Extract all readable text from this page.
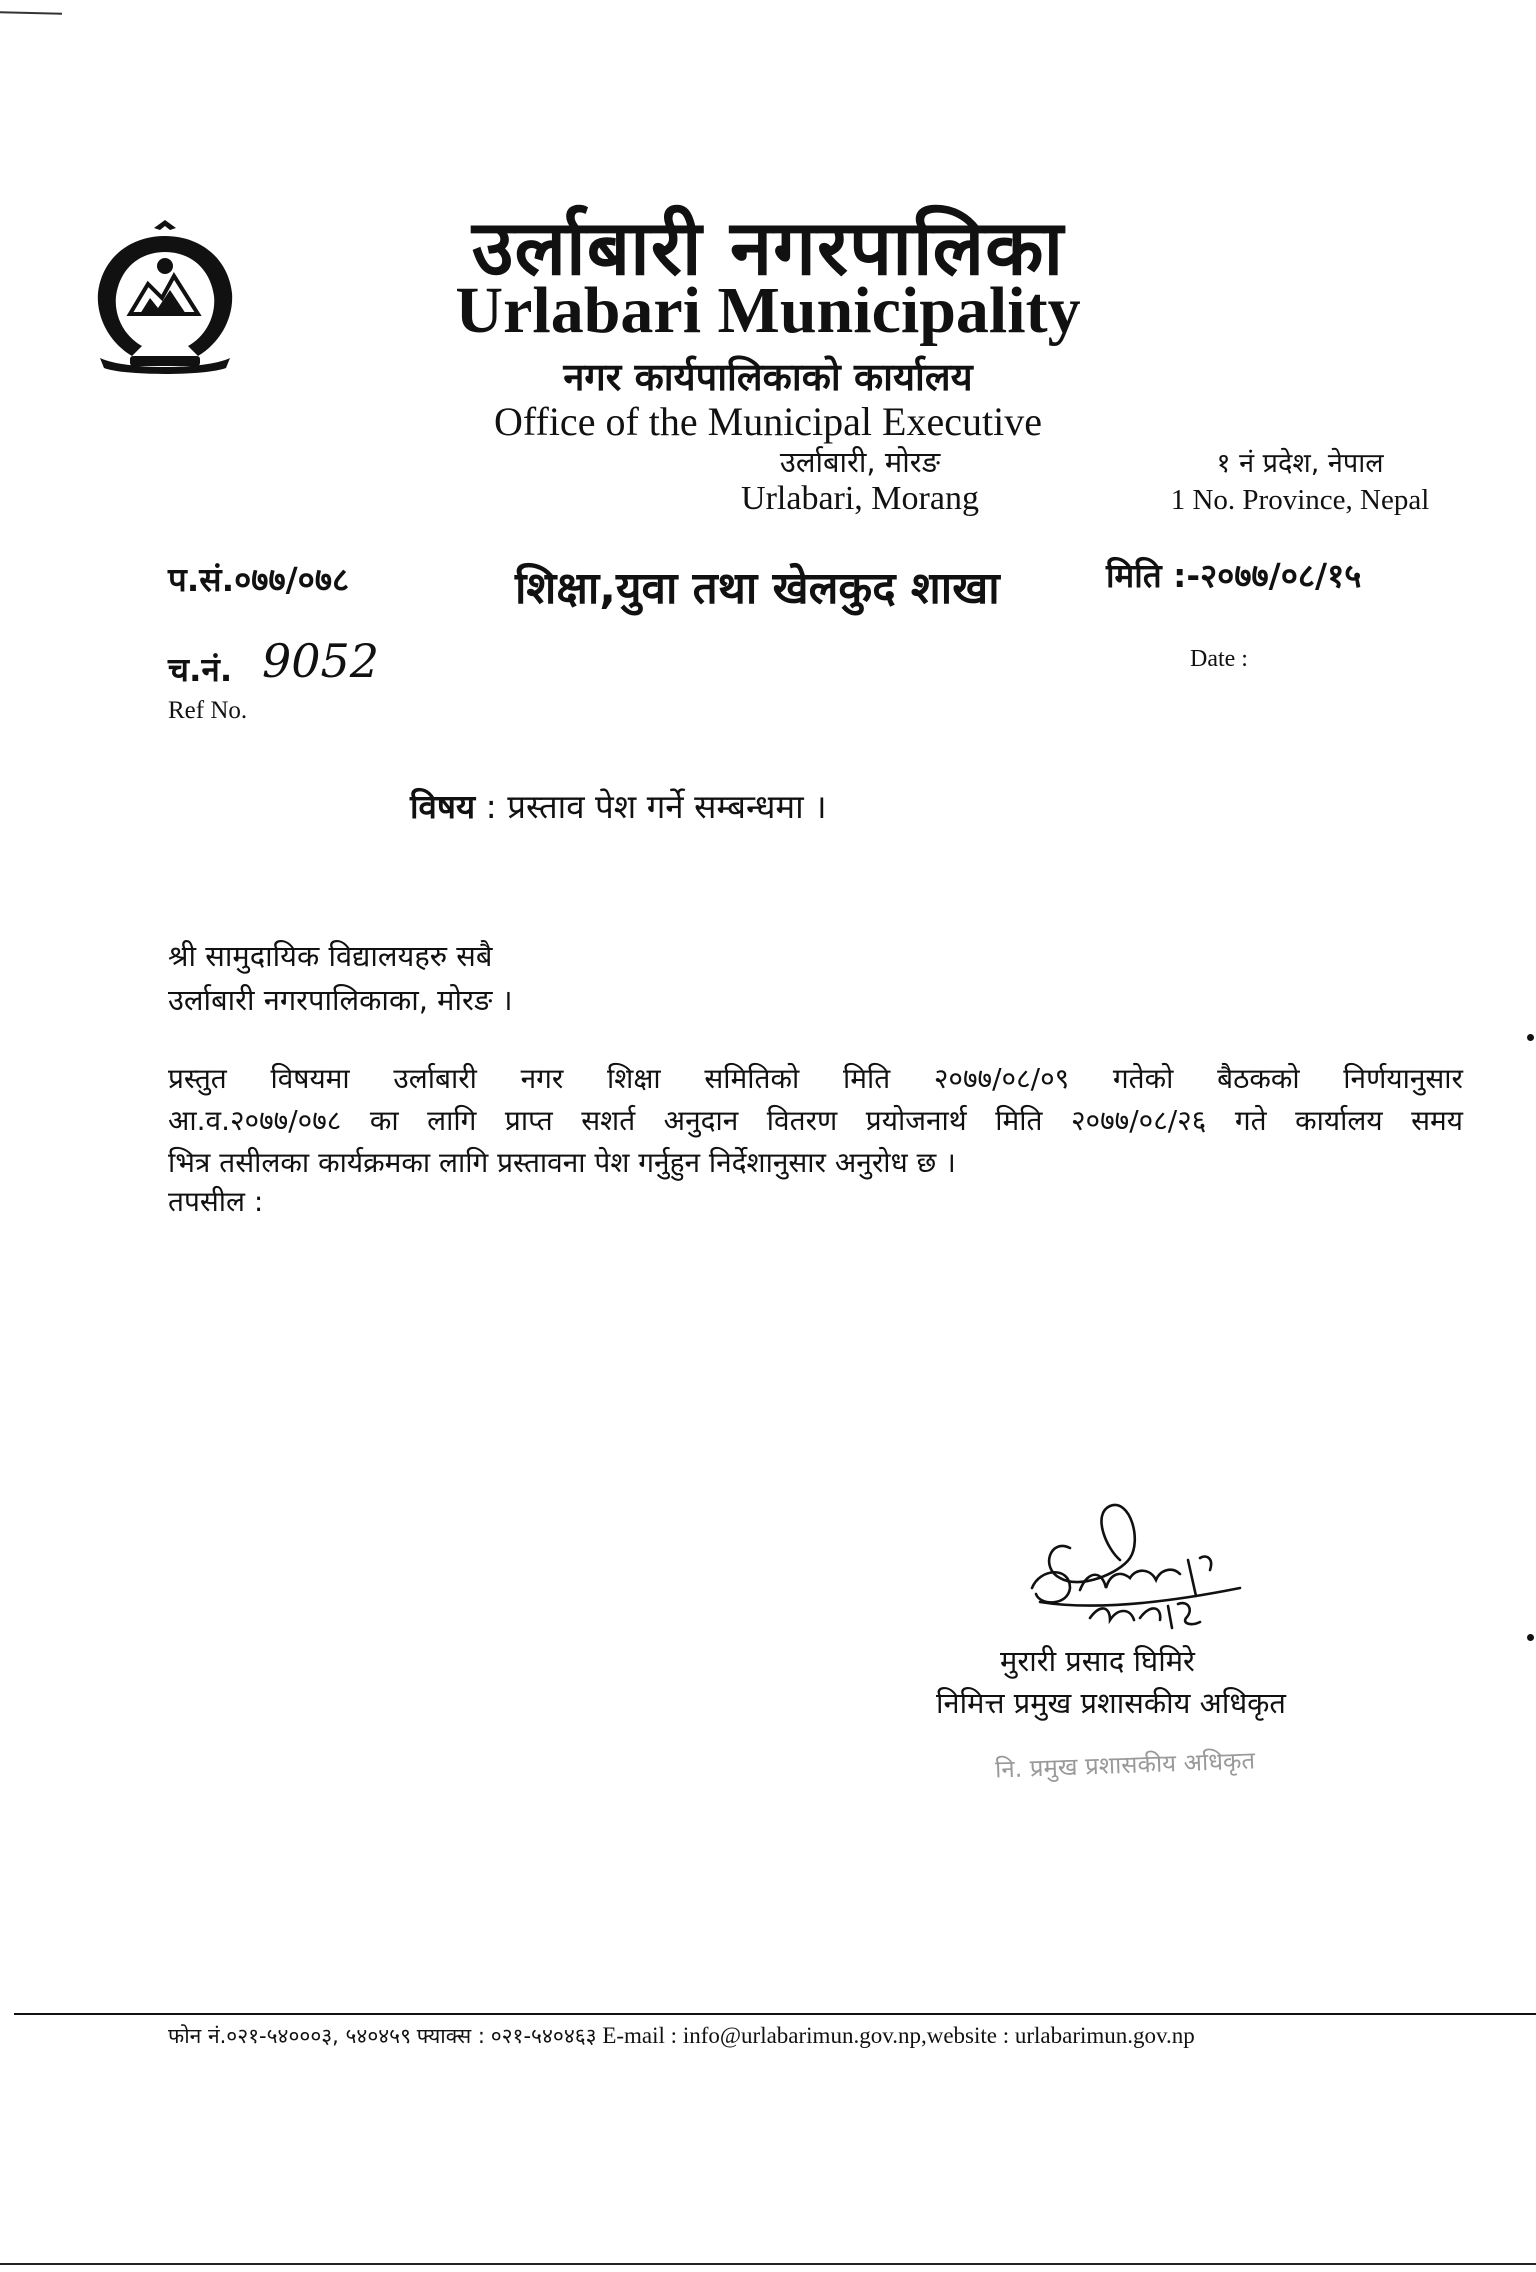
उर्लाबारी नगरपालिका
Urlabari Municipality
नगर कार्यपालिकाको कार्यालय
Office of the Municipal Executive
उर्लाबारी, मोरङ
Urlabari, Morang
१ नं प्रदेश, नेपाल
1 No. Province, Nepal
प.सं.०७७/०७८	शिक्षा,युवा तथा खेलकुद शाखा	मिति :-२०७७/०८/१५
Date :
च.नं. 9052
Ref No.
विषय : प्रस्ताव पेश गर्ने सम्बन्धमा ।
श्री सामुदायिक विद्यालयहरु सबै
उर्लाबारी नगरपालिकाका, मोरङ ।
प्रस्तुत विषयमा उर्लाबारी नगर शिक्षा समितिको मिति २०७७/०८/०९ गतेको बैठकको निर्णयानुसार
आ.व.२०७७/०७८ का लागि प्राप्त सशर्त अनुदान वितरण प्रयोजनार्थ मिति २०७७/०८/२६ गते कार्यालय समय
भित्र तसीलका कार्यक्रमका लागि प्रस्तावना पेश गर्नुहुन निर्देशानुसार अनुरोध छ ।
तपसील :
मुरारी प्रसाद घिमिरे
निमित्त प्रमुख प्रशासकीय अधिकृत
नि. प्रमुख प्रशासकीय अधिकृत
फोन नं.०२१-५४०००३, ५४०४५९ फ्याक्स : ०२१-५४०४६३ E-mail : info@urlabarimun.gov.np,website : urlabarimun.gov.np
